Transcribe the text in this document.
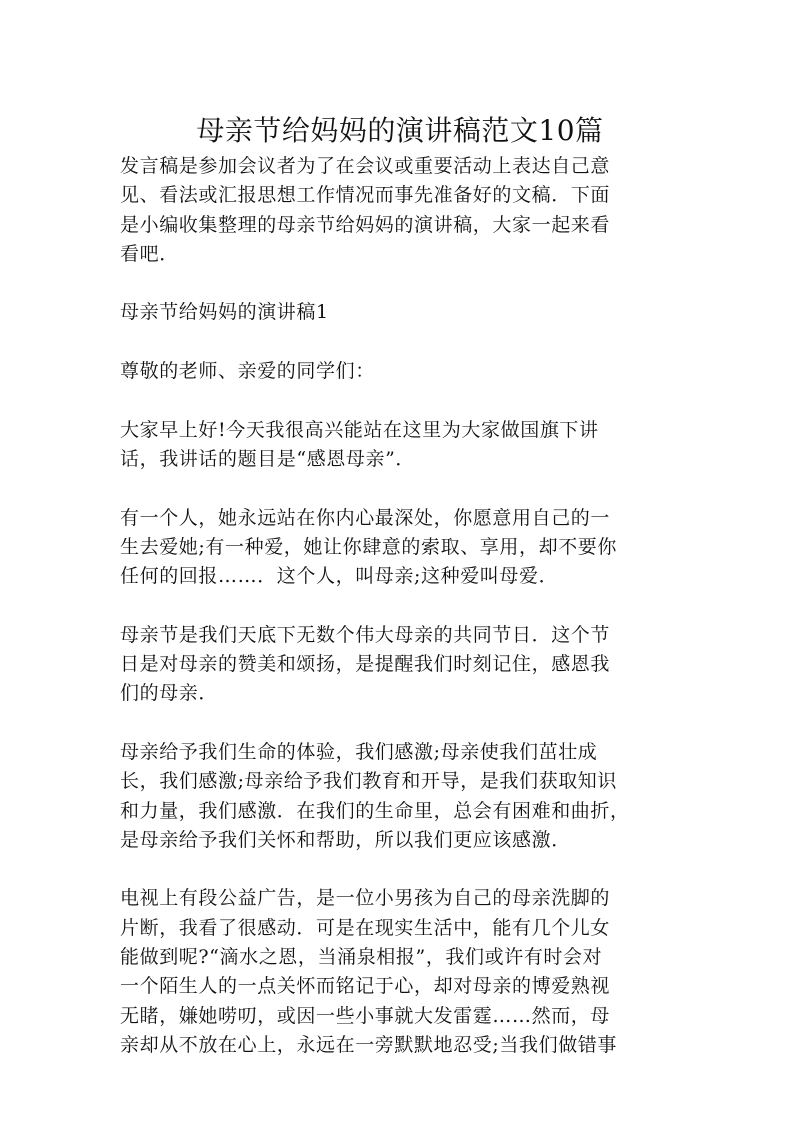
母亲节给妈妈的演讲稿范文10篇

发言稿是参加会议者为了在会议或重要活动上表达自己意
见、看法或汇报思想工作情况而事先准备好的文稿．下面
是小编收集整理的母亲节给妈妈的演讲稿，大家一起来看
看吧．

母亲节给妈妈的演讲稿1

尊敬的老师、亲爱的同学们：

大家早上好!今天我很高兴能站在这里为大家做国旗下讲
话，我讲话的题目是“感恩母亲”．

有一个人，她永远站在你内心最深处，你愿意用自己的一
生去爱她;有一种爱，她让你肆意的索取、享用，却不要你
任何的回报……．这个人，叫母亲;这种爱叫母爱．

母亲节是我们天底下无数个伟大母亲的共同节日．这个节
日是对母亲的赞美和颂扬，是提醒我们时刻记住，感恩我
们的母亲．

母亲给予我们生命的体验，我们感激;母亲使我们茁壮成
长，我们感激;母亲给予我们教育和开导，是我们获取知识
和力量，我们感激．在我们的生命里，总会有困难和曲折，
是母亲给予我们关怀和帮助，所以我们更应该感激．

电视上有段公益广告，是一位小男孩为自己的母亲洗脚的
片断，我看了很感动．可是在现实生活中，能有几个儿女
能做到呢?“滴水之恩，当涌泉相报”，我们或许有时会对
一个陌生人的一点关怀而铭记于心，却对母亲的博爱熟视
无睹，嫌她唠叨，或因一些小事就大发雷霆……然而，母
亲却从不放在心上，永远在一旁默默地忍受;当我们做错事
